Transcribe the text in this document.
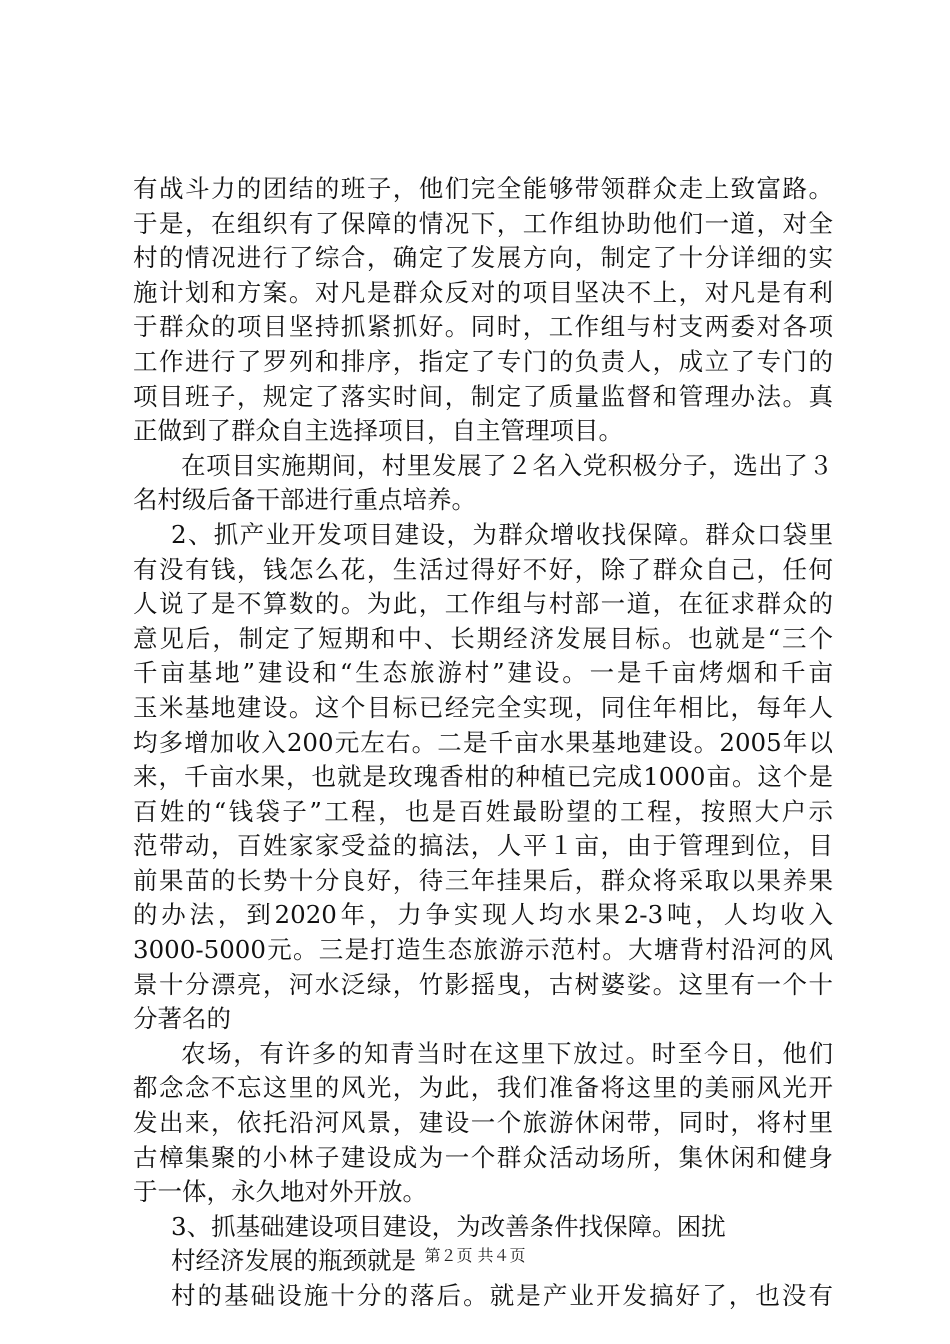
有战斗力的团结的班子，他们完全能够带领群众走上致富路。
于是，在组织有了保障的情况下，工作组协助他们一道，对全
村的情况进行了综合，确定了发展方向，制定了十分详细的实
施计划和方案。对凡是群众反对的项目坚决不上，对凡是有利
于群众的项目坚持抓紧抓好。同时，工作组与村支两委对各项
工作进行了罗列和排序，指定了专门的负责人，成立了专门的
项目班子，规定了落实时间，制定了质量监督和管理办法。真
正做到了群众自主选择项目，自主管理项目。
在项目实施期间，村里发展了２名入党积极分子，选出了３
名村级后备干部进行重点培养。
2、抓产业开发项目建设，为群众增收找保障。群众口袋里
有没有钱，钱怎么花，生活过得好不好，除了群众自己，任何
人说了是不算数的。为此，工作组与村部一道，在征求群众的
意见后，制定了短期和中、长期经济发展目标。也就是“三个
千亩基地”建设和“生态旅游村”建设。一是千亩烤烟和千亩
玉米基地建设。这个目标已经完全实现，同住年相比，每年人
均多增加收入200元左右。二是千亩水果基地建设。2005年以
来，千亩水果，也就是玫瑰香柑的种植已完成1000亩。这个是
百姓的“钱袋子”工程，也是百姓最盼望的工程，按照大户示
范带动，百姓家家受益的搞法，人平１亩，由于管理到位，目
前果苗的长势十分良好，待三年挂果后，群众将采取以果养果
的办法，到2020年，力争实现人均水果2-3吨，人均收入
3000-5000元。三是打造生态旅游示范村。大塘背村沿河的风
景十分漂亮，河水泛绿，竹影摇曳，古树婆娑。这里有一个十
分著名的
农场，有许多的知青当时在这里下放过。时至今日，他们
都念念不忘这里的风光，为此，我们准备将这里的美丽风光开
发出来，依托沿河风景，建设一个旅游休闲带，同时，将村里
古樟集聚的小林子建设成为一个群众活动场所，集休闲和健身
于一体，永久地对外开放。
3、抓基础建设项目建设，为改善条件找保障。困扰
村经济发展的瓶颈就是
村的基础设施十分的落后。就是产业开发搞好了，也没有
第２页 共４页
